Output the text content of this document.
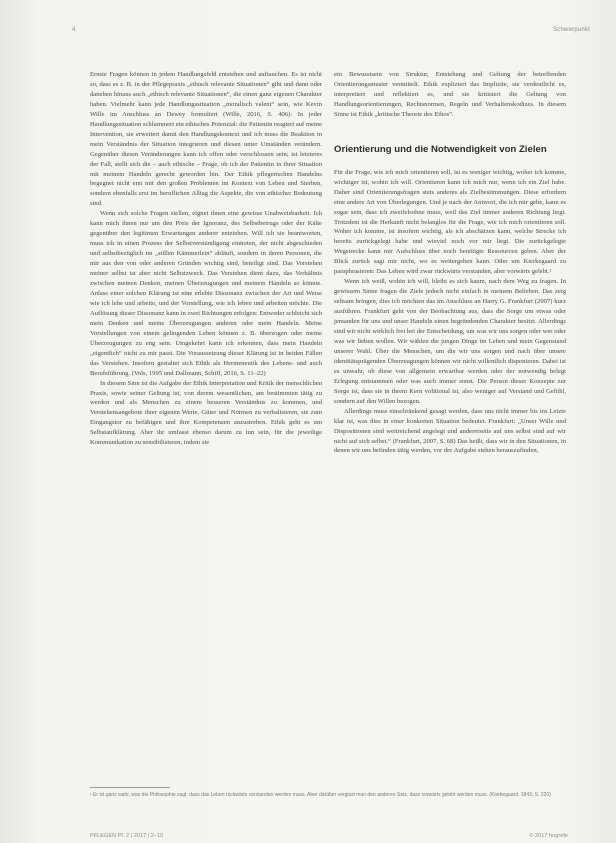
4	Schwerpunkt

Ernste Fragen können in jedem Handlungsfeld entstehen und auftauchen. Es ist nicht so, dass es z. B. in der Pflegepraxis „ethisch relevante Situationen“ gibt und dann oder daneben hinaus auch „ethisch relevante Situationen“, die einen ganz eigenen Charakter haben. Vielmehr kann jede Handlungssituation „moralisch valent“ sein, wie Kevin Wille im Anschluss an Dewey formuliert (Wille, 2016, S. 406): In jeder Handlungssituation schlummert ein ethisches Potenzial: die Patientin reagiert auf meine Intervention, sie erweitert damit den Handlungskontext und ich muss die Reaktion in mein Verständnis der Situation integrieren und diesen unter Umständen verändern. Gegenüber diesen Veränderungen kann ich offen oder verschlossen sein; ist letzteres der Fall, stellt sich die – auch ethische – Frage, ob ich der Patientin in ihrer Situation mit meinem Handeln gerecht geworden bin. Der Ethik pflegerischen Handelns begegnet nicht erst mit den großen Problemen im Kontext von Leben und Sterben, sondern ebenfalls erst im beruflichen Alltag die Aspekte, die von ethischer Bedeutung sind.

Wenn sich solche Fragen stellen, eignet ihnen eine gewisse Unabweisbarkeit. Ich kann mich ihnen nur um den Preis der Ignoranz, des Selbstbetrugs oder der Kälte gegenüber den legitimen Erwartungen anderer entziehen. Will ich sie beantworten, muss ich in einen Prozess der Selbstverständigung eintreten, der nicht abgeschieden und selbstbezüglich im „stillen Kämmerlein“ abläuft, sondern in deren Personen, die mir aus den von oder anderen Gründen wichtig sind, beteiligt sind. Das Vorstehen meiner selbst ist aber nicht Selbstzweck. Das Verstehen dient dazu, das Verhältnis zwischen meinen Denken, meinen Überzeugungen und meinem Handeln so könnte. Anlass einer solchen Klärung ist eine erlebte Dissonanz zwischen der Art und Weise wie ich lebe und arbeite, und der Vorstellung, wie ich leben und arbeiten möchte. Die Auflösung dieser Dissonanz kann in zwei Richtungen erfolgen: Entweder schleicht sich mein Denken und meine Überzeugungen anderen oder mein Handeln. Meine Vorstellungen von einem gelingenden Leben können z. B. überzogen oder meine Überzeugungen zu eng sein. Umgekehrt kann ich erkennen, dass mein Handeln „eigentlich“ nicht zu mir passt. Die Voraussetzung dieser Klärung ist in beiden Fällen das Verstehen. Insofern gestaltet sich Ethik als Hermeneutik des Lebens- und auch Berufsführung. (Vols, 1995 und Dallmann, Schiff, 2016, S. 11–22)

In diesem Sinn ist die Aufgabe der Ethik Interpretation und Kritik der menschlichen Praxis, sowie seiner Geltung ist, von derem wesentlichen, am bestimmten tätig zu werden und als Menschen zu einem besseren Verständnis zu kommen, und Verstehensangebote ihrer eigenen Werte, Güter und Normen zu verbalisieren, sie zum Eingangstor zu befähigen und ihre Kompetenzen anzustreben. Ethik geht es um Selbstaufklärung. Aber ihr umfasst ebenso darum zu tun sein, für die jeweilige Kommunikation zu sensibilisieren, indem sie

ein Bewusstsein von Struktur, Entstehung und Geltung der betreffenden Orientierungsmuster vermittelt. Ethik expliziert das Implizite, sie verdeutlicht es, interpretiert und reflektiert es, und sie kritisiert die Geltung von Handlungsorientierungen, Rechtsnormen, Regeln und Verhaltenskodizes. In diesem Sinne ist Ethik „kritische Theorie des Ethos“.

Orientierung und die Notwendigkeit von Zielen

Für die Frage, wie ich mich orientieren soll, ist es weniger wichtig, woher ich komme, wichtiger ist, wohin ich will. Orientieren kann ich mich nur, wenn ich ein Ziel habe. Daher sind Orientierungsfragen stets anderes als Zielbestimmungen. Diese erfordern eine andere Art von Überlegungen. Und je nach der Antwort, die ich mir gebe, kann es sogar sein, dass ich zweifelsohne muss, weil das Ziel immer anderen Richtung liegt. Trotzdem ist die Herkunft nicht belanglos für die Frage, wie ich mich orientieren soll. Woher ich komme, ist insofern wichtig, als ich abschätzen kann, welche Strecke ich bereits zurückgelegt habe und wieviel noch vor mir liegt. Die zurückgelegte Wegstrecke kann mir Aufschluss über noch benötigte Ressourcen geben. Aber der Blick zurück sagt mir nicht, wo es weitergehen kann. Oder um Kierkegaard zu paraphrasieren: Das Leben wird zwar rückwärts verstanden, aber vorwärts gelebt.¹

Wenn ich weiß, wohin ich will, bleibt es sich kaum, nach dem Weg zu fragen. In gewissem Sinne fragen die Ziele jedoch nicht einfach in meinem Belieben. Das zeig seltsam bringen, dies ich möchten das im Anschluss an Harry G. Frankfurt (2007) kurz ausführen. Frankfurt geht von der Beobachtung aus, dass die Sorge um etwas oder jemanden für uns und unser Handeln einen begründenden Charakter besitzt. Allerdings sind wir nicht wirklich frei bei der Entscheidung, um was wir uns sorgen oder wer oder was wir lieben wollen. Wir wählen die jungen Dinge im Leben und mein Gegenstand unserer Wahl. Über die Menschen, um die wir uns sorgen und nach über unsere identitätsprägenden Überzeugungen können wir nicht willentlich disponieren. Dabei ist es unwahr, ob diese von allgemein erwartbar werden oder der notwendig belegt Erlegung entstammen oder was auch immer sonst. Die Person dieser Konzepte zur Sorge ist, dass sie in ihrem Kern volitional ist, also weniger auf Verstand und Gefühl, sondern auf den Willen bezogen.

Allerdings muss einschränkend gesagt werden, dass uns nicht immer bis ins Letzte klar ist, was dies in einer konkreten Situation bedeutet. Frankfurt: „Unser Wille und Dispositionen sind weitreichend angelegt und andererseits auf uns selbst sind auf wir nicht auf sich selbst.“ (Frankfurt, 2007, S. 68) Das heißt, dass wir in den Situationen, in denen wir uns befinden tätig werden, vor der Aufgabe stehen herauszufinden,

¹ Er ist ganz wahr, was die Philosophie sagt, dass das Leben rückwärts verstanden werden muss. Aber darüber vergisst man den anderen Satz, dass vorwärts gelebt werden muss. (Kierkegaard, 1843, S. 220)
PFLEGEN Pf. 2 | 2017 | 2–10	© 2017 hogrefe
